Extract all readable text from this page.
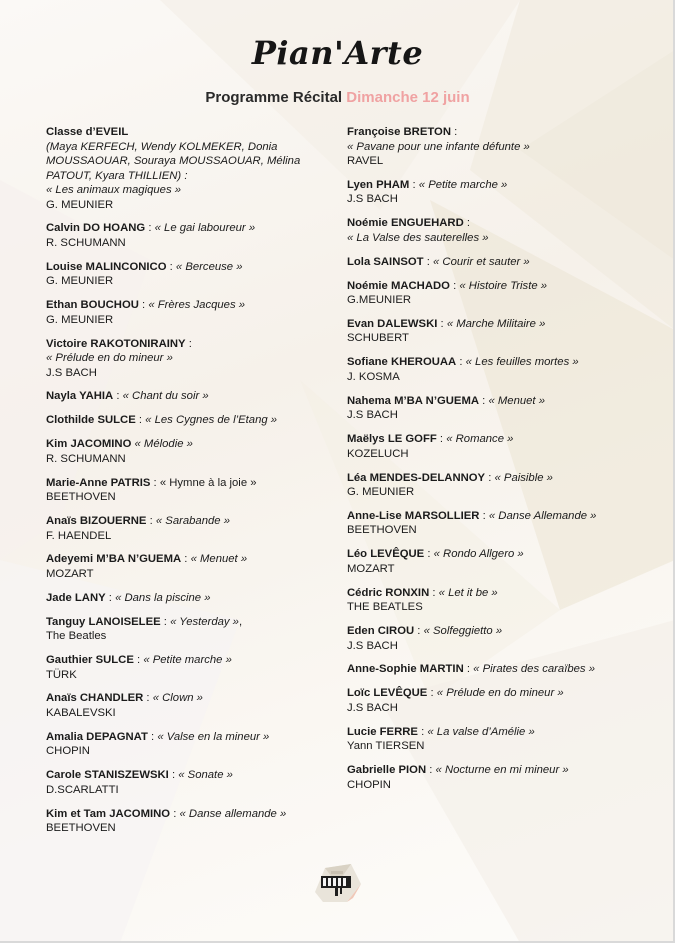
Pian'Arte
Programme Récital Dimanche 12 juin
Classe d’EVEIL
(Maya KERFECH, Wendy KOLMEKER, Donia MOUSSAOUAR, Souraya MOUSSAOUAR, Mélina PATOUT, Kyara THILLIEN) :
« Les animaux magiques »
G. MEUNIER
Calvin DO HOANG : « Le gai laboureur »
R. SCHUMANN
Louise MALINCONICO : « Berceuse »
G. MEUNIER
Ethan BOUCHOU : « Frères Jacques »
G. MEUNIER
Victoire RAKOTONIRAINY :
« Prélude en do mineur »
J.S BACH
Nayla YAHIA : « Chant du soir »
Clothilde SULCE : « Les Cygnes de l’Etang »
Kim JACOMINO « Mélodie »
R. SCHUMANN
Marie-Anne PATRIS : « Hymne à la joie »
BEETHOVEN
Anaïs BIZOUERNE : « Sarabande »
F. HAENDEL
Adeyemi M’BA N’GUEMA : « Menuet »
MOZART
Jade LANY : « Dans la piscine »
Tanguy LANOISELEE : « Yesterday »,
The Beatles
Gauthier SULCE : « Petite marche »
TÜRK
Anaïs CHANDLER : « Clown »
KABALEVSKI
Amalia DEPAGNAT : « Valse en la mineur »
CHOPIN
Carole STANISZEWSKI : « Sonate »
D.SCARLATTI
Kim et Tam JACOMINO : « Danse allemande »
BEETHOVEN
Françoise BRETON :
« Pavane pour une infante défunte »
RAVEL
Lyen PHAM : « Petite marche »
J.S BACH
Noémie ENGUEHARD :
« La Valse des sauterelles »
Lola SAINSOT : « Courir et sauter »
Noémie MACHADO : « Histoire Triste »
G.MEUNIER
Evan DALEWSKI : « Marche Militaire »
SCHUBERT
Sofiane KHEROUAA : « Les feuilles mortes »
J. KOSMA
Nahema M’BA N’GUEMA : « Menuet »
J.S BACH
Maëlys LE GOFF : « Romance »
KOZELUCH
Léa MENDES-DELANNOY : « Paisible »
G. MEUNIER
Anne-Lise MARSOLLIER : « Danse Allemande »
BEETHOVEN
Léo LEVÊQUE : « Rondo Allgero »
MOZART
Cédric RONXIN : « Let it be »
THE BEATLES
Eden CIROU : « Solfeggietto »
J.S BACH
Anne-Sophie MARTIN : « Pirates des caraïbes »
Loïc LEVÊQUE : « Prélude en do mineur »
J.S BACH
Lucie FERRE : « La valse d’Amélie »
Yann TIERSEN
Gabrielle PION : « Nocturne en mi mineur »
CHOPIN
